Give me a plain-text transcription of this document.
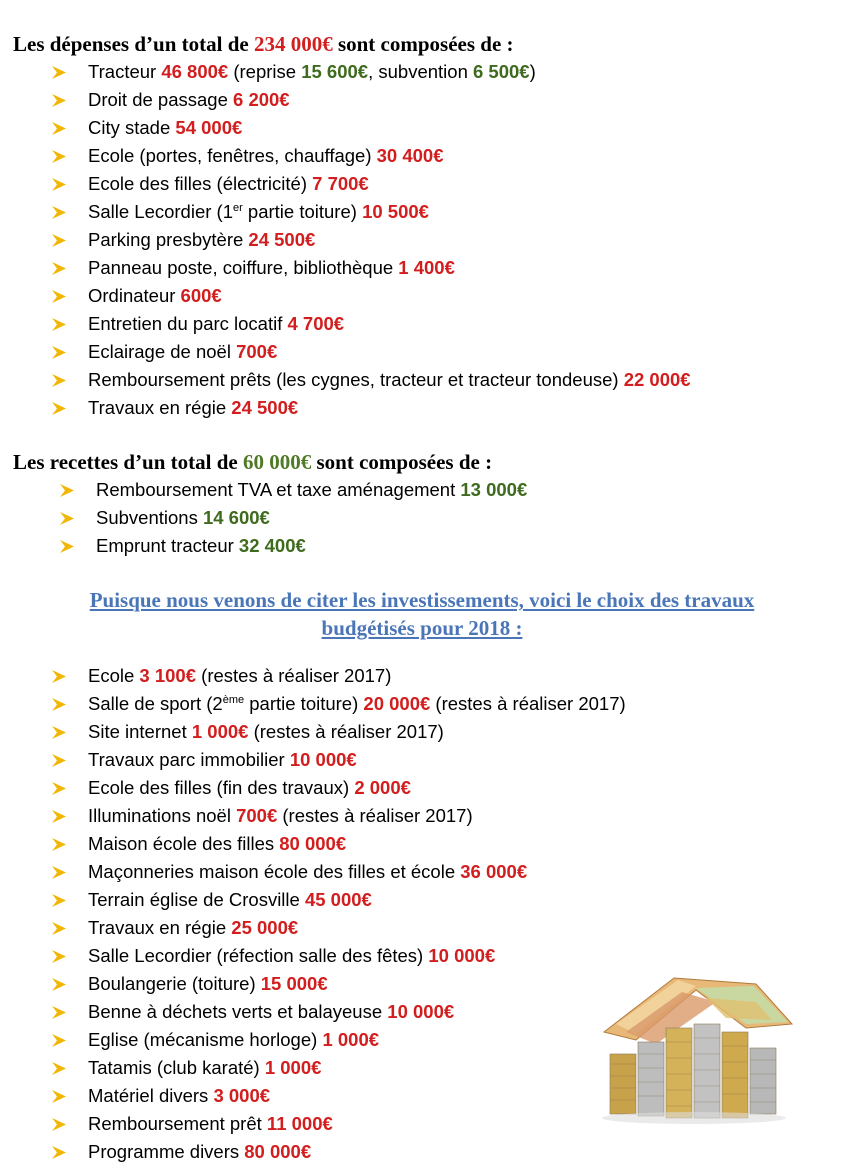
Les dépenses d’un total de 234 000€ sont composées de :
Tracteur 46 800€ (reprise 15 600€, subvention 6 500€)
Droit de passage 6 200€
City stade 54 000€
Ecole (portes, fenêtres, chauffage) 30 400€
Ecole des filles (électricité) 7 700€
Salle Lecordier (1er partie toiture) 10 500€
Parking presbytère 24 500€
Panneau poste, coiffure, bibliothèque 1 400€
Ordinateur 600€
Entretien du parc locatif 4 700€
Eclairage de noël 700€
Remboursement prêts (les cygnes, tracteur et tracteur tondeuse) 22 000€
Travaux en régie 24 500€
Les recettes d’un total de 60 000€ sont composées de :
Remboursement TVA et taxe aménagement 13 000€
Subventions 14 600€
Emprunt tracteur 32 400€
Puisque nous venons de citer les investissements, voici le choix des travaux
budgétisés pour 2018 :
Ecole 3 100€ (restes à réaliser 2017)
Salle de sport (2ème partie toiture) 20 000€ (restes à réaliser 2017)
Site internet 1 000€ (restes à réaliser 2017)
Travaux parc immobilier 10 000€
Ecole des filles (fin des travaux) 2 000€
Illuminations noël 700€ (restes à réaliser 2017)
Maison école des filles 80 000€
Maçonneries maison école des filles et école 36 000€
Terrain église de Crosville 45 000€
Travaux en régie 25 000€
Salle Lecordier (réfection salle des fêtes) 10 000€
Boulangerie (toiture) 15 000€
Benne à déchets verts et balayeuse 10 000€
Eglise (mécanisme horloge) 1 000€
Tatamis (club karaté) 1 000€
Matériel divers 3 000€
Remboursement prêt 11 000€
Programme divers 80 000€
